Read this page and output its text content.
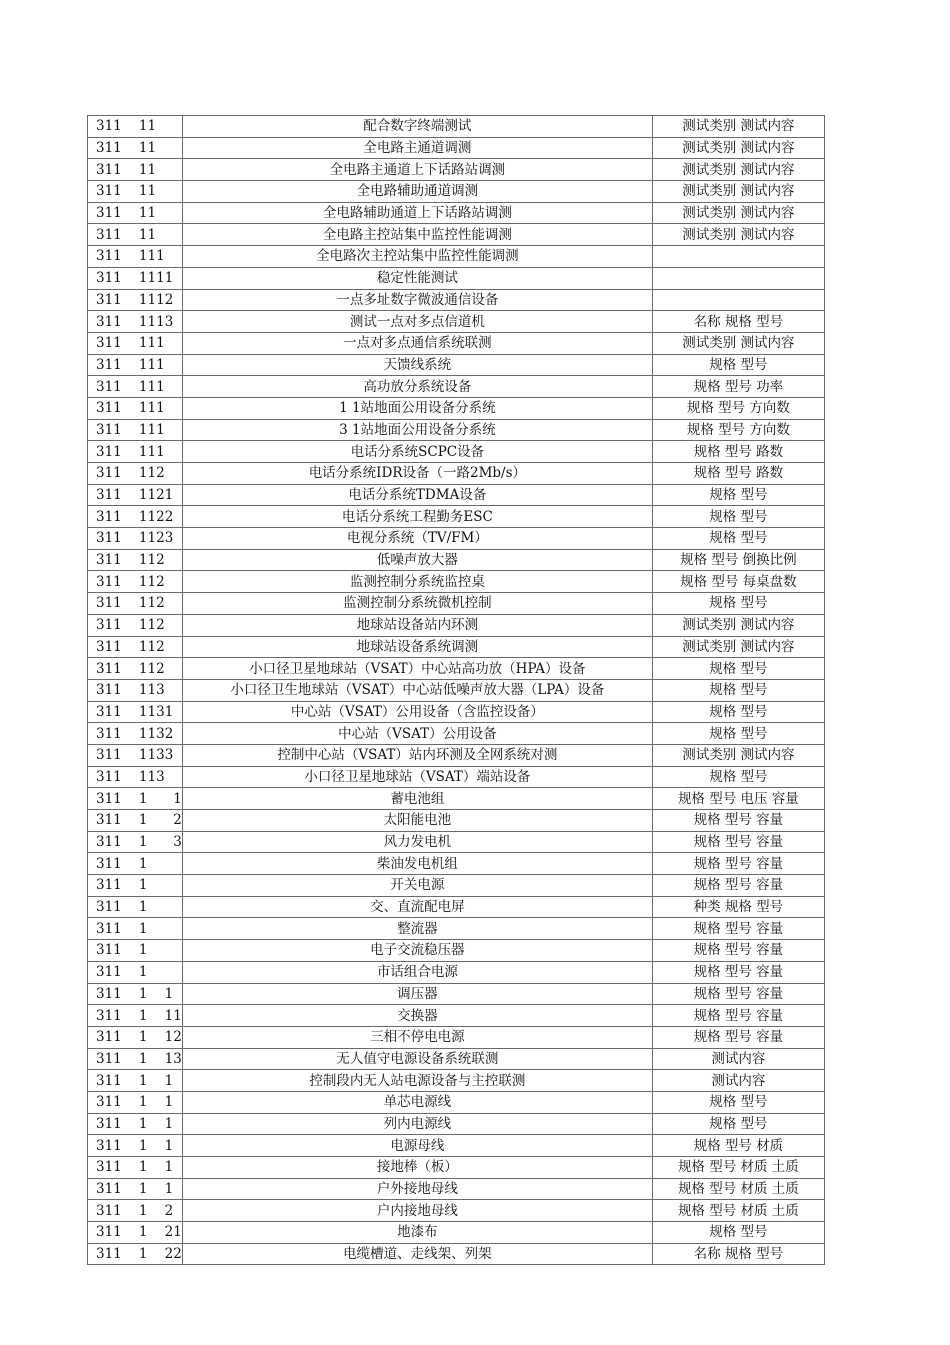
311    11	配合数字终端测试	测试类别 测试内容
311    11	全电路主通道调测	测试类别 测试内容
311    11	全电路主通道上下话路站调测	测试类别 测试内容
311    11	全电路辅助通道调测	测试类别 测试内容
311    11	全电路辅助通道上下话路站调测	测试类别 测试内容
311    11	全电路主控站集中监控性能调测	测试类别 测试内容
311    111	全电路次主控站集中监控性能调测	
311    1111	稳定性能测试	
311    1112	一点多址数字微波通信设备	
311    1113	测试一点对多点信道机	名称 规格 型号
311    111	一点对多点通信系统联测	测试类别 测试内容
311    111	天馈线系统	规格 型号
311    111	高功放分系统设备	规格 型号 功率
311    111	1 1站地面公用设备分系统	规格 型号 方向数
311    111	3 1站地面公用设备分系统	规格 型号 方向数
311    111	电话分系统SCPC设备	规格 型号 路数
311    112	电话分系统IDR设备（一路2Mb/s）	规格 型号 路数
311    1121	电话分系统TDMA设备	规格 型号
311    1122	电话分系统工程勤务ESC	规格 型号
311    1123	电视分系统（TV/FM）	规格 型号
311    112	低噪声放大器	规格 型号 倒换比例
311    112	监测控制分系统监控桌	规格 型号 每桌盘数
311    112	监测控制分系统微机控制	规格 型号
311    112	地球站设备站内环测	测试类别 测试内容
311    112	地球站设备系统调测	测试类别 测试内容
311    112	小口径卫星地球站（VSAT）中心站高功放（HPA）设备	规格 型号
311    113	小口径卫生地球站（VSAT）中心站低噪声放大器（LPA）设备	规格 型号
311    1131	中心站（VSAT）公用设备（含监控设备）	规格 型号
311    1132	中心站（VSAT）公用设备	规格 型号
311    1133	控制中心站（VSAT）站内环测及全网系统对测	测试类别 测试内容
311    113	小口径卫星地球站（VSAT）端站设备	规格 型号
311    1      1	蓄电池组	规格 型号 电压 容量
311    1      2	太阳能电池	规格 型号 容量
311    1      3	风力发电机	规格 型号 容量
311    1	柴油发电机组	规格 型号 容量
311    1	开关电源	规格 型号 容量
311    1	交、直流配电屏	种类 规格 型号
311    1	整流器	规格 型号 容量
311    1	电子交流稳压器	规格 型号 容量
311    1	市话组合电源	规格 型号 容量
311    1    1	调压器	规格 型号 容量
311    1    11	交换器	规格 型号 容量
311    1    12	三相不停电电源	规格 型号 容量
311    1    13	无人值守电源设备系统联测	测试内容
311    1    1	控制段内无人站电源设备与主控联测	测试内容
311    1    1	单芯电源线	规格 型号
311    1    1	列内电源线	规格 型号
311    1    1	电源母线	规格 型号 材质
311    1    1	接地棒（板）	规格 型号 材质 土质
311    1    1	户外接地母线	规格 型号 材质 土质
311    1    2	户内接地母线	规格 型号 材质 土质
311    1    21	地漆布	规格 型号
311    1    22	电缆槽道、走线架、列架	名称 规格 型号
